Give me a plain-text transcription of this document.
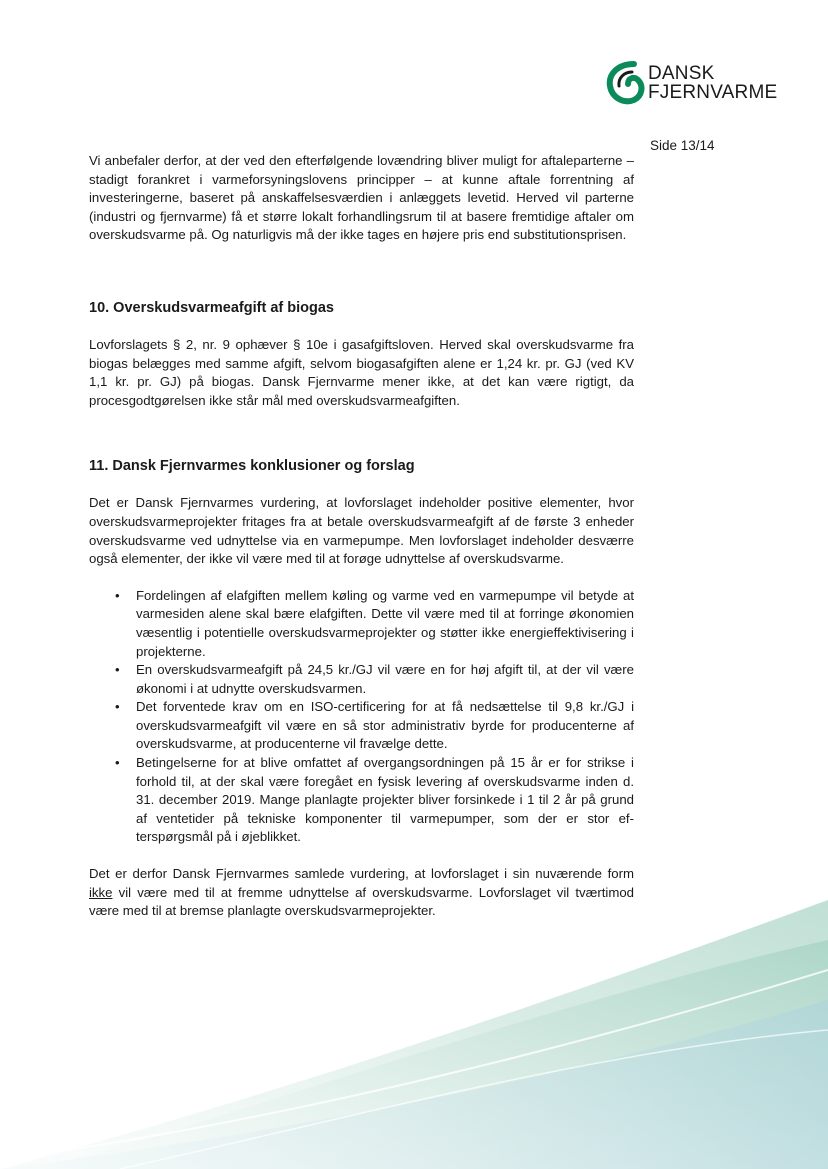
DANSK
FJERNVARME
Side 13/14

Vi anbefaler derfor, at der ved den efterfølgende lovændring bliver muligt for aftaleparterne – stadigt forankret i varmeforsyningslovens principper – at kunne aftale forrentning af investeringerne, baseret på anskaffelsesværdien i anlæggets levetid. Herved vil parterne (industri og fjernvarme) få et større lokalt forhandlingsrum til at basere fremtidige aftaler om overskudsvarme på. Og naturligvis må der ikke tages en højere pris end substitutionsprisen.

10. Overskudsvarmeafgift af biogas

Lovforslagets § 2, nr. 9 ophæver § 10e i gasafgiftsloven. Herved skal overskudsvarme fra biogas belægges med samme afgift, selvom biogasafgiften alene er 1,24 kr. pr. GJ (ved KV 1,1 kr. pr. GJ) på biogas. Dansk Fjernvarme mener ikke, at det kan være rigtigt, da procesgodtgørelsen ikke står mål med overskudsvarmeafgiften.

11. Dansk Fjernvarmes konklusioner og forslag

Det er Dansk Fjernvarmes vurdering, at lovforslaget indeholder positive elementer, hvor overskudsvarmeprojekter fritages fra at betale overskudsvarmeafgift af de første 3 enheder overskudsvarme ved udnyttelse via en varmepumpe. Men lovforslaget indeholder desværre også elementer, der ikke vil være med til at forøge udnyttelse af overskudsvarme.

• Fordelingen af elafgiften mellem køling og varme ved en varmepumpe vil betyde at varmesiden alene skal bære elafgiften. Dette vil være med til at forringe økonomien væsentlig i potentielle overskudsvarmeprojekter og støtter ikke energieffektivisering i projekterne.
• En overskudsvarmeafgift på 24,5 kr./GJ vil være en for høj afgift til, at der vil være økonomi i at udnytte overskudsvarmen.
• Det forventede krav om en ISO-certificering for at få nedsættelse til 9,8 kr./GJ i overskudsvarmeafgift vil være en så stor administrativ byrde for producenterne af overskudsvarme, at producenterne vil fravælge dette.
• Betingelserne for at blive omfattet af overgangsordningen på 15 år er for strikse i forhold til, at der skal være foregået en fysisk levering af overskudsvarme inden d. 31. december 2019. Mange planlagte projekter bliver forsinkede i 1 til 2 år på grund af ventetider på tekniske komponenter til varmepumper, som der er stor efterspørgsmål på i øjeblikket.

Det er derfor Dansk Fjernvarmes samlede vurdering, at lovforslaget i sin nuværende form ikke vil være med til at fremme udnyttelse af overskudsvarme. Lovforslaget vil tværtimod være med til at bremse planlagte overskudsvarmeprojekter.
